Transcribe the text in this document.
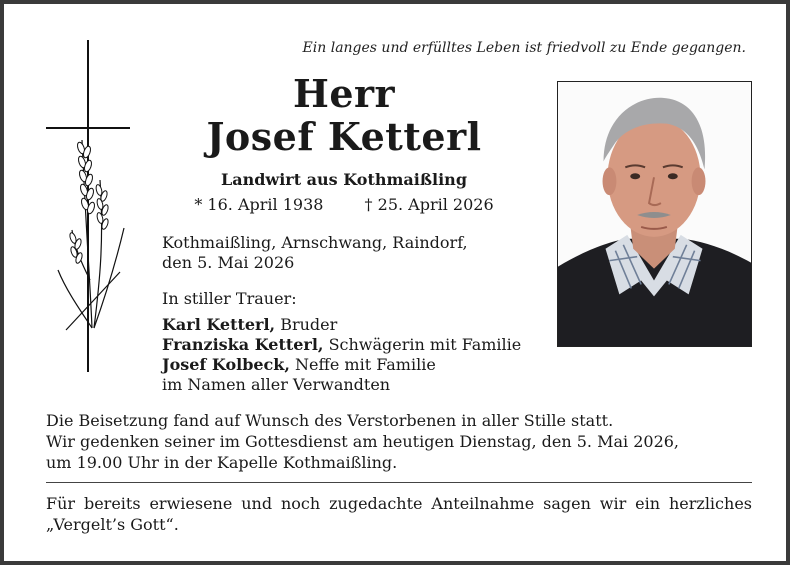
Ein langes und erfülltes Leben ist friedvoll zu Ende gegangen.
Herr
Josef Ketterl
Landwirt aus Kothmaißling
* 16. April 1938	† 25. April 2026
Kothmaißling, Arnschwang, Raindorf,
den 5. Mai 2026
In stiller Trauer:
Karl Ketterl, Bruder
Franziska Ketterl, Schwägerin mit Familie
Josef Kolbeck, Neffe mit Familie
im Namen aller Verwandten
Die Beisetzung fand auf Wunsch des Verstorbenen in aller Stille statt.
Wir gedenken seiner im Gottesdienst am heutigen Dienstag, den 5. Mai 2026,
um 19.00 Uhr in der Kapelle Kothmaißling.
Für bereits erwiesene und noch zugedachte Anteilnahme sagen wir ein herzliches „Vergelt’s Gott“.
